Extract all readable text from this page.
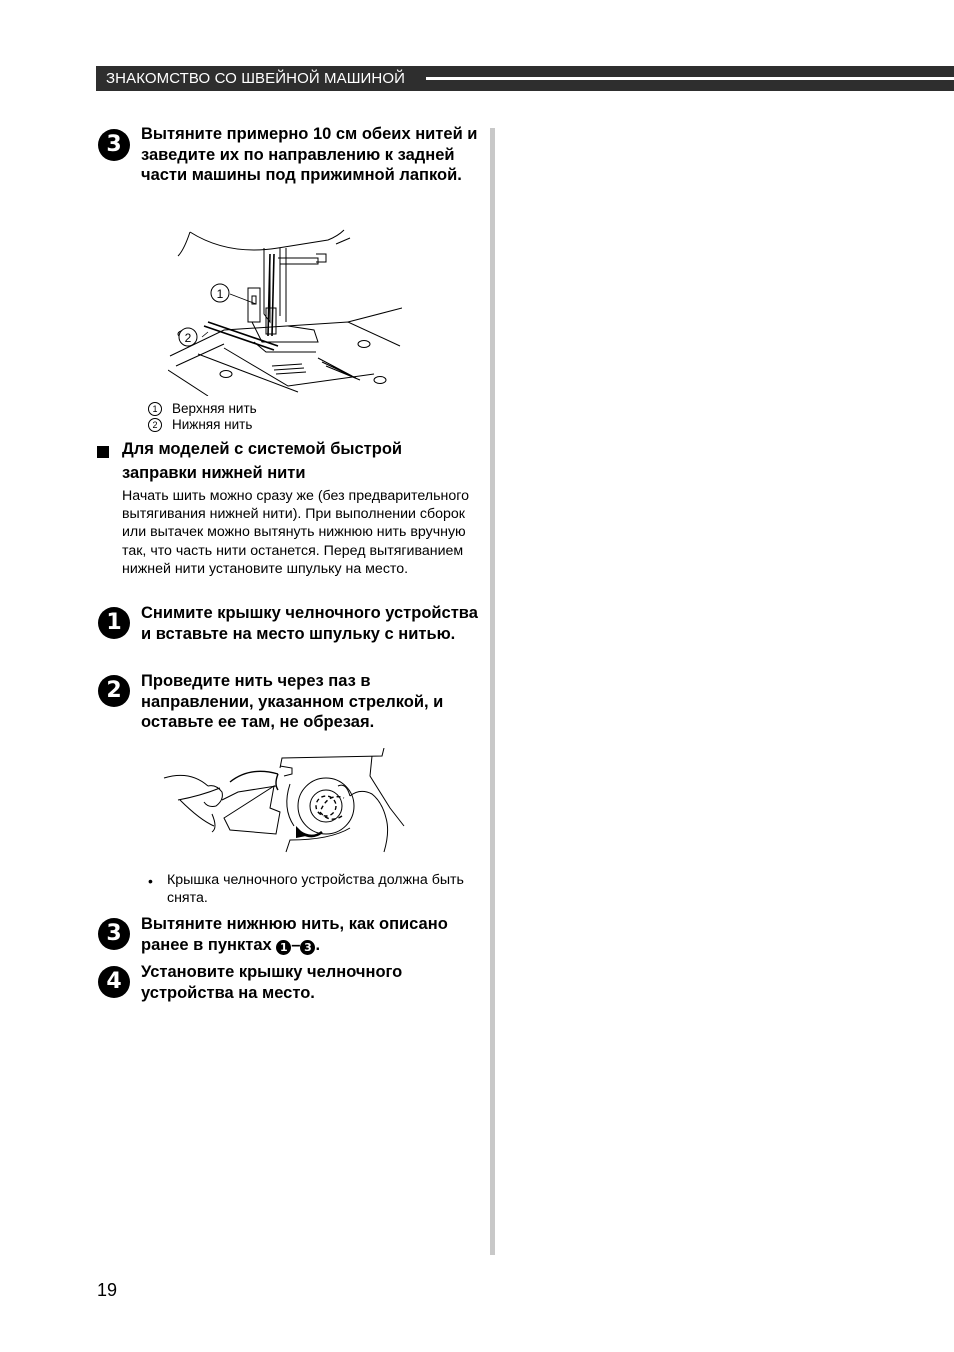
ЗНАКОМСТВО СО ШВЕЙНОЙ МАШИНОЙ
3	Вытяните примерно 10 см обеих нитей и заведите их по направлению к задней части машины под прижимной лапкой.
1
2
1 Верхняя нить
2 Нижняя нить
Для моделей с системой быстрой заправки нижней нити
Начать шить можно сразу же (без предварительного вытягивания нижней нити). При выполнении сборок или вытачек можно вытянуть нижнюю нить вручную так, что часть нити останется. Перед вытягиванием нижней нити установите шпульку на место.
1	Снимите крышку челночного устройства и вставьте на место шпульку с нитью.
2	Проведите нить через паз в направлении, указанном стрелкой, и оставьте ее там, не обрезая.
• Крышка челночного устройства должна быть снята.
3	Вытяните нижнюю нить, как описано ранее в пунктах 1 – 3 .
4	Установите крышку челночного устройства на место.
19
